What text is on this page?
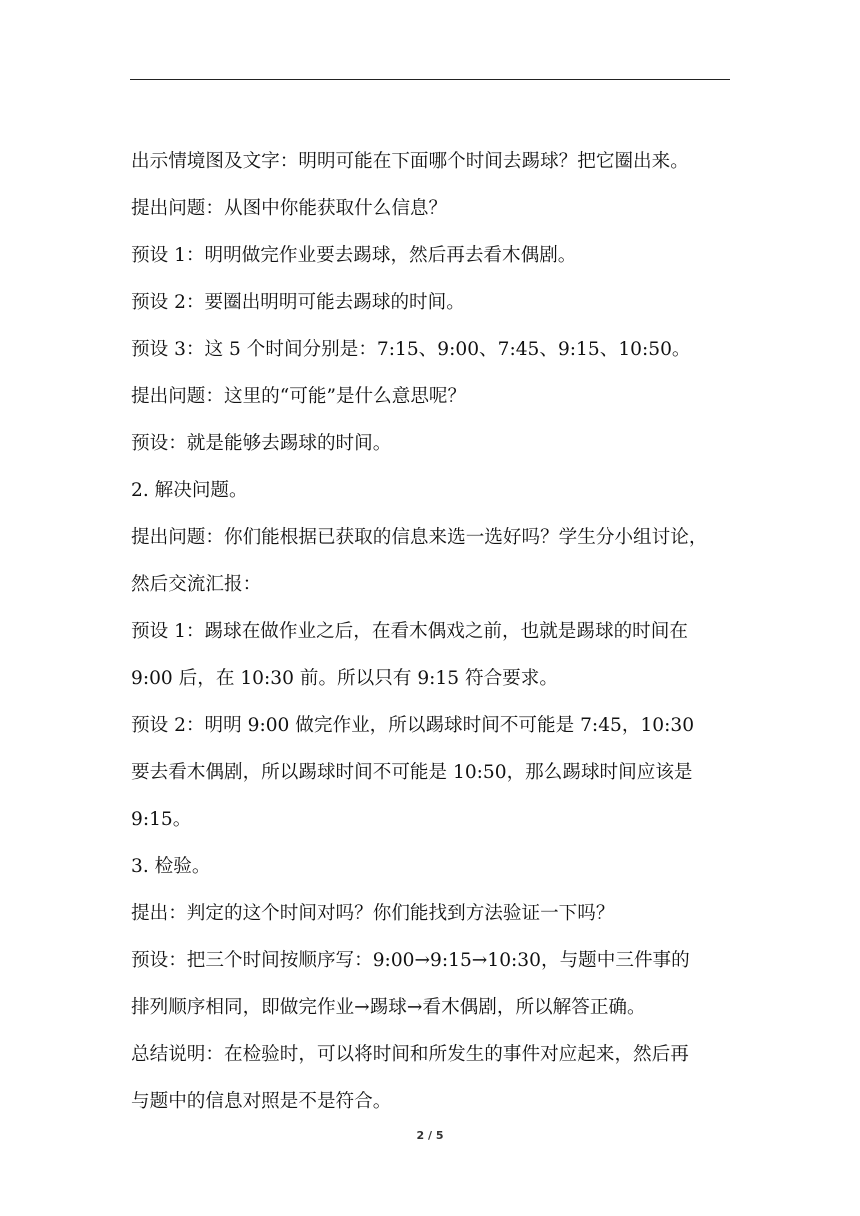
出示情境图及文字：明明可能在下面哪个时间去踢球？把它圈出来。

提出问题：从图中你能获取什么信息？

预设 1：明明做完作业要去踢球，然后再去看木偶剧。

预设 2：要圈出明明可能去踢球的时间。

预设 3：这 5 个时间分别是：7:15、9:00、7:45、9:15、10:50。

提出问题：这里的“可能”是什么意思呢？

预设：就是能够去踢球的时间。

2. 解决问题。

提出问题：你们能根据已获取的信息来选一选好吗？学生分小组讨论，

然后交流汇报：

预设 1：踢球在做作业之后，在看木偶戏之前，也就是踢球的时间在

9:00 后，在 10:30 前。所以只有 9:15 符合要求。

预设 2：明明 9:00 做完作业，所以踢球时间不可能是 7:45，10:30

要去看木偶剧，所以踢球时间不可能是 10:50，那么踢球时间应该是

9:15。

3. 检验。

提出：判定的这个时间对吗？你们能找到方法验证一下吗？

预设：把三个时间按顺序写：9:00→9:15→10:30，与题中三件事的

排列顺序相同，即做完作业→踢球→看木偶剧，所以解答正确。

总结说明：在检验时，可以将时间和所发生的事件对应起来，然后再

与题中的信息对照是不是符合。

2 / 5
